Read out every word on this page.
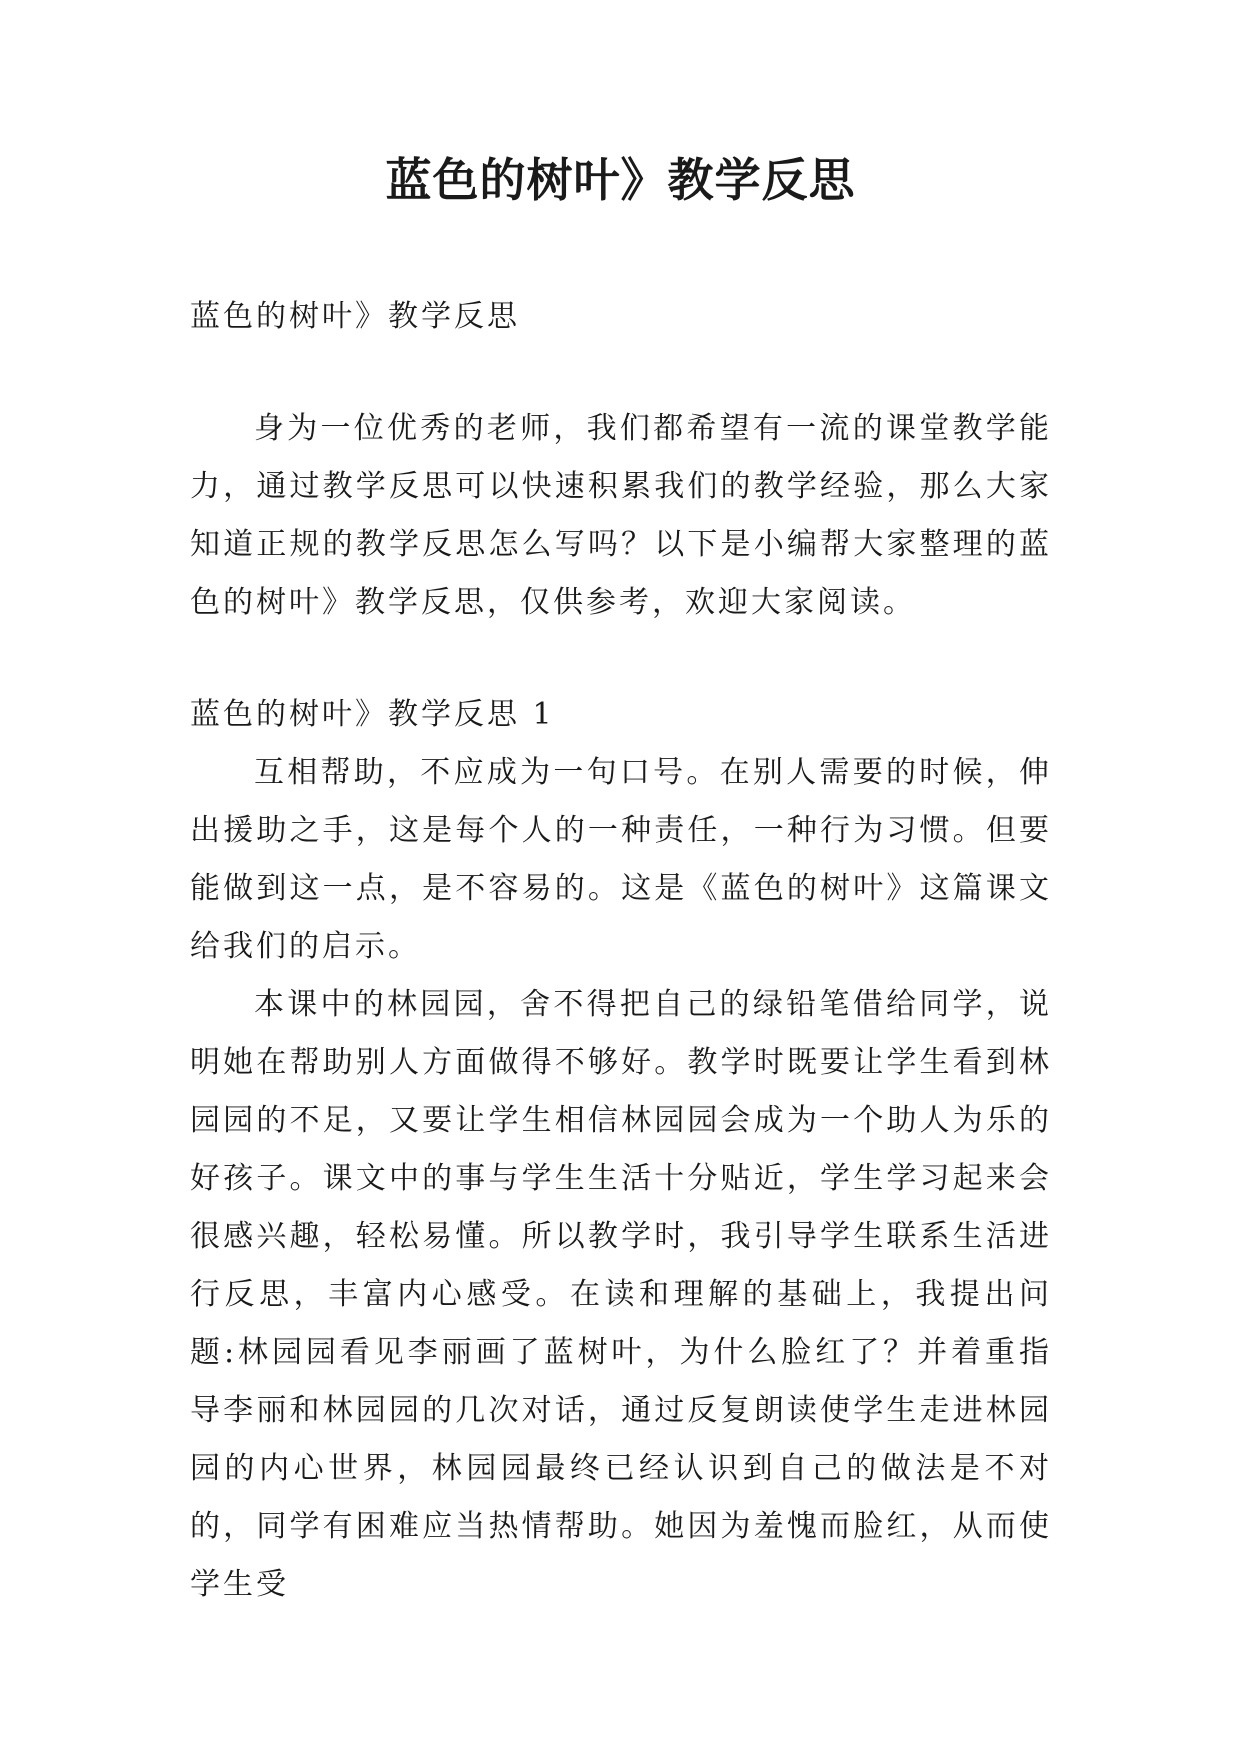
蓝色的树叶》教学反思

蓝色的树叶》教学反思

身为一位优秀的老师，我们都希望有一流的课堂教学能力，通过教学反思可以快速积累我们的教学经验，那么大家知道正规的教学反思怎么写吗？以下是小编帮大家整理的蓝色的树叶》教学反思，仅供参考，欢迎大家阅读。

蓝色的树叶》教学反思 1

互相帮助，不应成为一句口号。在别人需要的时候，伸出援助之手，这是每个人的一种责任，一种行为习惯。但要能做到这一点，是不容易的。这是《蓝色的树叶》这篇课文给我们的启示。

本课中的林园园，舍不得把自己的绿铅笔借给同学，说明她在帮助别人方面做得不够好。教学时既要让学生看到林园园的不足，又要让学生相信林园园会成为一个助人为乐的好孩子。课文中的事与学生生活十分贴近，学生学习起来会很感兴趣，轻松易懂。所以教学时，我引导学生联系生活进行反思，丰富内心感受。在读和理解的基础上，我提出问题:林园园看见李丽画了蓝树叶，为什么脸红了？并着重指导李丽和林园园的几次对话，通过反复朗读使学生走进林园园的内心世界，林园园最终已经认识到自己的做法是不对的，同学有困难应当热情帮助。她因为羞愧而脸红，从而使学生受
